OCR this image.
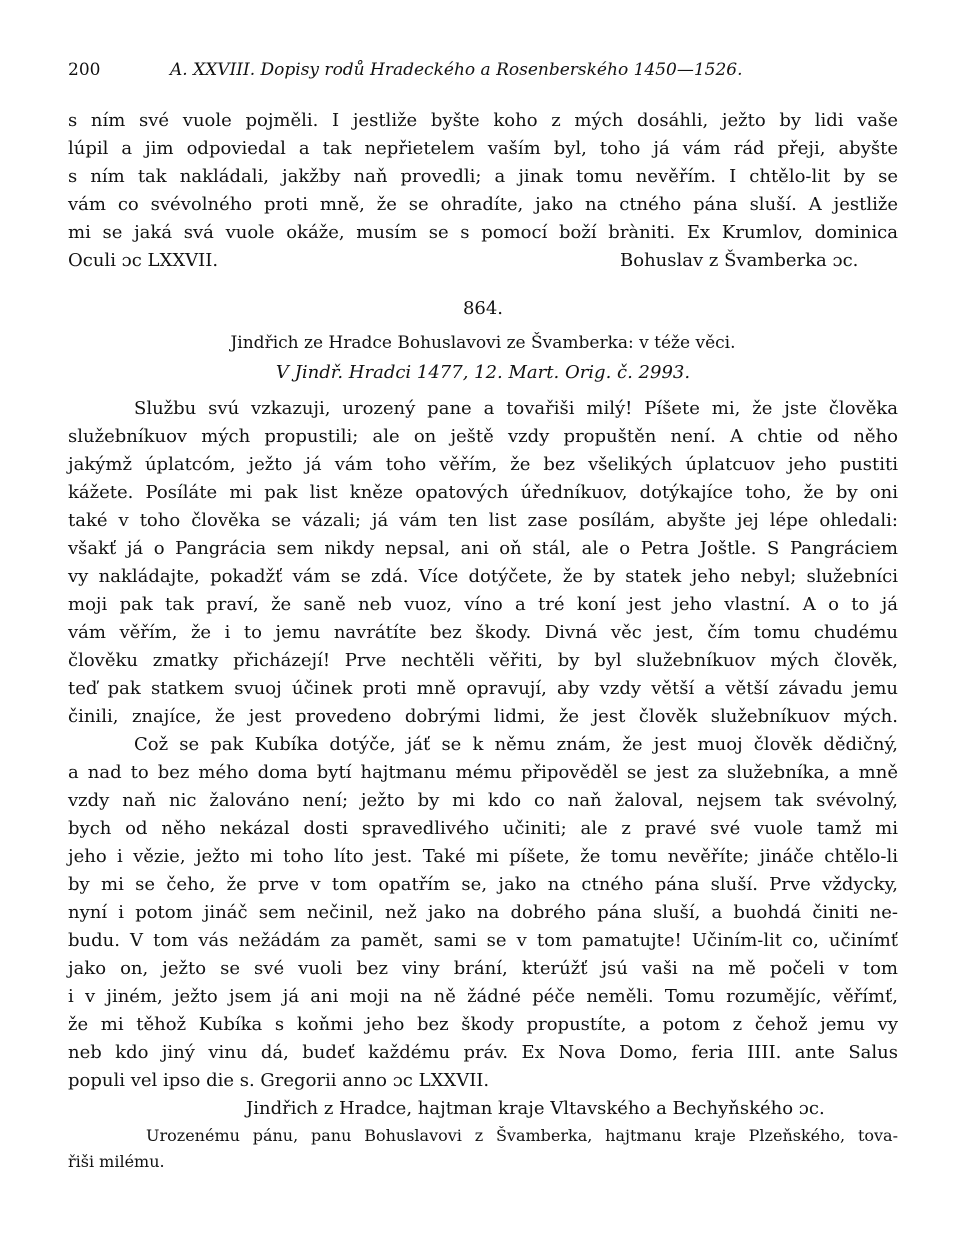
200	A. XXVIII. Dopisy rodů Hradeckého a Rosenberského 1450—1526.
s ním své vuole pojměli. I jestliže byšte koho z mých dosáhli, ježto by lidi vaše
lúpil a jim odpoviedal a tak nepřietelem vaším byl, toho já vám rád přeji, abyšte
s ním tak nakládali, jakžby naň provedli; a jinak tomu nevěřím. I chtělo-lit by se
vám co svévolného proti mně, že se ohradíte, jako na ctného pána sluší. A jestliže
mi se jaká svá vuole okáže, musím se s pomocí boží bràniti. Ex Krumlov, dominica
Oculi ɔc LXXVII.	Bohuslav z Švamberka ɔc.
864.
Jindřich ze Hradce Bohuslavovi ze Švamberka: v téže věci.
V Jindř. Hradci 1477, 12. Mart. Orig. č. 2993.
Službu svú vzkazuji, urozený pane a tovařiši milý! Píšete mi, že jste člověka
služebníkuov mých propustili; ale on ještě vzdy propuštěn není. A chtie od něho
jakýmž úplatcóm, ježto já vám toho věřím, že bez všelikých úplatcuov jeho pustiti
kážete. Posíláte mi pak list kněze opatových úředníkuov, dotýkajíce toho, že by oni
také v toho člověka se vázali; já vám ten list zase posílám, abyšte jej lépe ohledali:
všakť já o Pangrácia sem nikdy nepsal, ani oň stál, ale o Petra Joštle. S Pangráciem
vy nakládajte, pokadžť vám se zdá. Více dotýčete, že by statek jeho nebyl; služebníci
moji pak tak praví, že saně neb vuoz, víno a tré koní jest jeho vlastní. A o to já
vám věřím, že i to jemu navrátíte bez škody. Divná věc jest, čím tomu chudému
člověku zmatky přicházejí! Prve nechtěli věřiti, by byl služebníkuov mých člověk,
teď pak statkem svuoj účinek proti mně opravují, aby vzdy větší a větší závadu jemu
činili, znajíce, že jest provedeno dobrými lidmi, že jest člověk služebníkuov mých.
Což se pak Kubíka dotýče, jáť se k němu znám, že jest muoj člověk dědičný,
a nad to bez mého doma bytí hajtmanu mému připověděl se jest za služebníka, a mně
vzdy naň nic žalováno není; ježto by mi kdo co naň žaloval, nejsem tak svévolný,
bych od něho nekázal dosti spravedlivého učiniti; ale z pravé své vuole tamž mi
jeho i vězie, ježto mi toho líto jest. Také mi píšete, že tomu nevěříte; jináče chtělo-li
by mi se čeho, že prve v tom opatřím se, jako na ctného pána sluší. Prve vždycky,
nyní i potom jináč sem nečinil, než jako na dobrého pána sluší, a buohdá činiti ne-
budu. V tom vás nežádám za pamět, sami se v tom pamatujte! Učiním-lit co, učinímť
jako on, ježto se své vuoli bez viny brání, kterúžť jsú vaši na mě počeli v tom
i v jiném, ježto jsem já ani moji na ně žádné péče neměli. Tomu rozumějíc, věřímť,
že mi těhož Kubíka s koňmi jeho bez škody propustíte, a potom z čehož jemu vy
neb kdo jiný vinu dá, budeť každému práv. Ex Nova Domo, feria IIII. ante Salus
populi vel ipso die s. Gregorii anno ɔc LXXVII.
Jindřich z Hradce, hajtman kraje Vltavského a Bechyňského ɔc.
Urozenému pánu, panu Bohuslavovi z Švamberka, hajtmanu kraje Plzeňského, tova-
řiši milému.
